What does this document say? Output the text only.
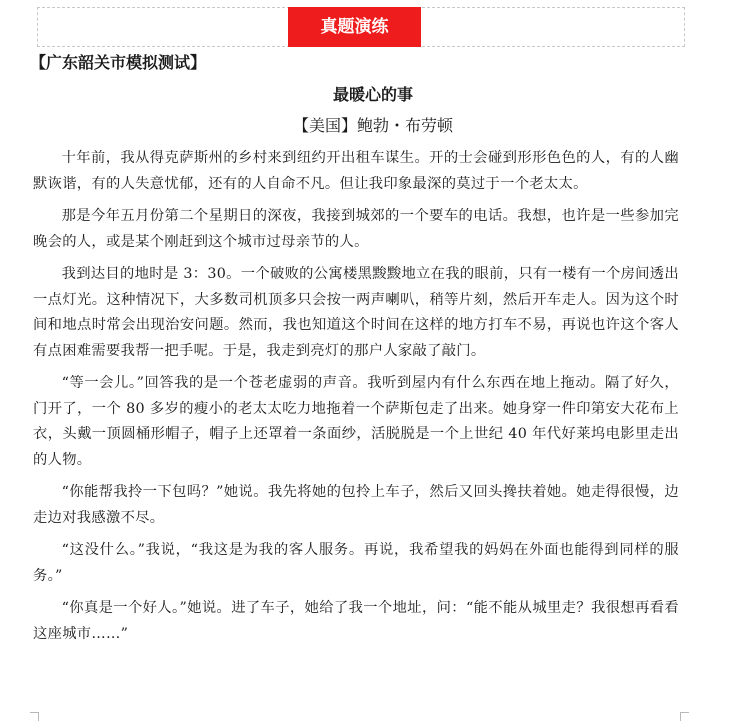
真题演练
【广东韶关市模拟测试】
最暖心的事
【美国】鲍勃・布劳顿

十年前，我从得克萨斯州的乡村来到纽约开出租车谋生。开的士会碰到形形色色的人，有的人幽默诙谐，有的人失意忧郁，还有的人自命不凡。但让我印象最深的莫过于一个老太太。

那是今年五月份第二个星期日的深夜，我接到城郊的一个要车的电话。我想，也许是一些参加完晚会的人，或是某个刚赶到这个城市过母亲节的人。

我到达目的地时是 3：30。一个破败的公寓楼黑黢黢地立在我的眼前，只有一楼有一个房间透出一点灯光。这种情况下，大多数司机顶多只会按一两声喇叭，稍等片刻，然后开车走人。因为这个时间和地点时常会出现治安问题。然而，我也知道这个时间在这样的地方打车不易，再说也许这个客人有点困难需要我帮一把手呢。于是，我走到亮灯的那户人家敲了敲门。

“等一会儿。”回答我的是一个苍老虚弱的声音。我听到屋内有什么东西在地上拖动。隔了好久，门开了，一个 80 多岁的瘦小的老太太吃力地拖着一个萨斯包走了出来。她身穿一件印第安大花布上衣，头戴一顶圆桶形帽子，帽子上还罩着一条面纱，活脱脱是一个上世纪 40 年代好莱坞电影里走出的人物。

“你能帮我拎一下包吗？”她说。我先将她的包拎上车子，然后又回头搀扶着她。她走得很慢，边走边对我感激不尽。

“这没什么。”我说，“我这是为我的客人服务。再说，我希望我的妈妈在外面也能得到同样的服务。”

“你真是一个好人。”她说。进了车子，她给了我一个地址，问：“能不能从城里走？我很想再看看这座城市……”
